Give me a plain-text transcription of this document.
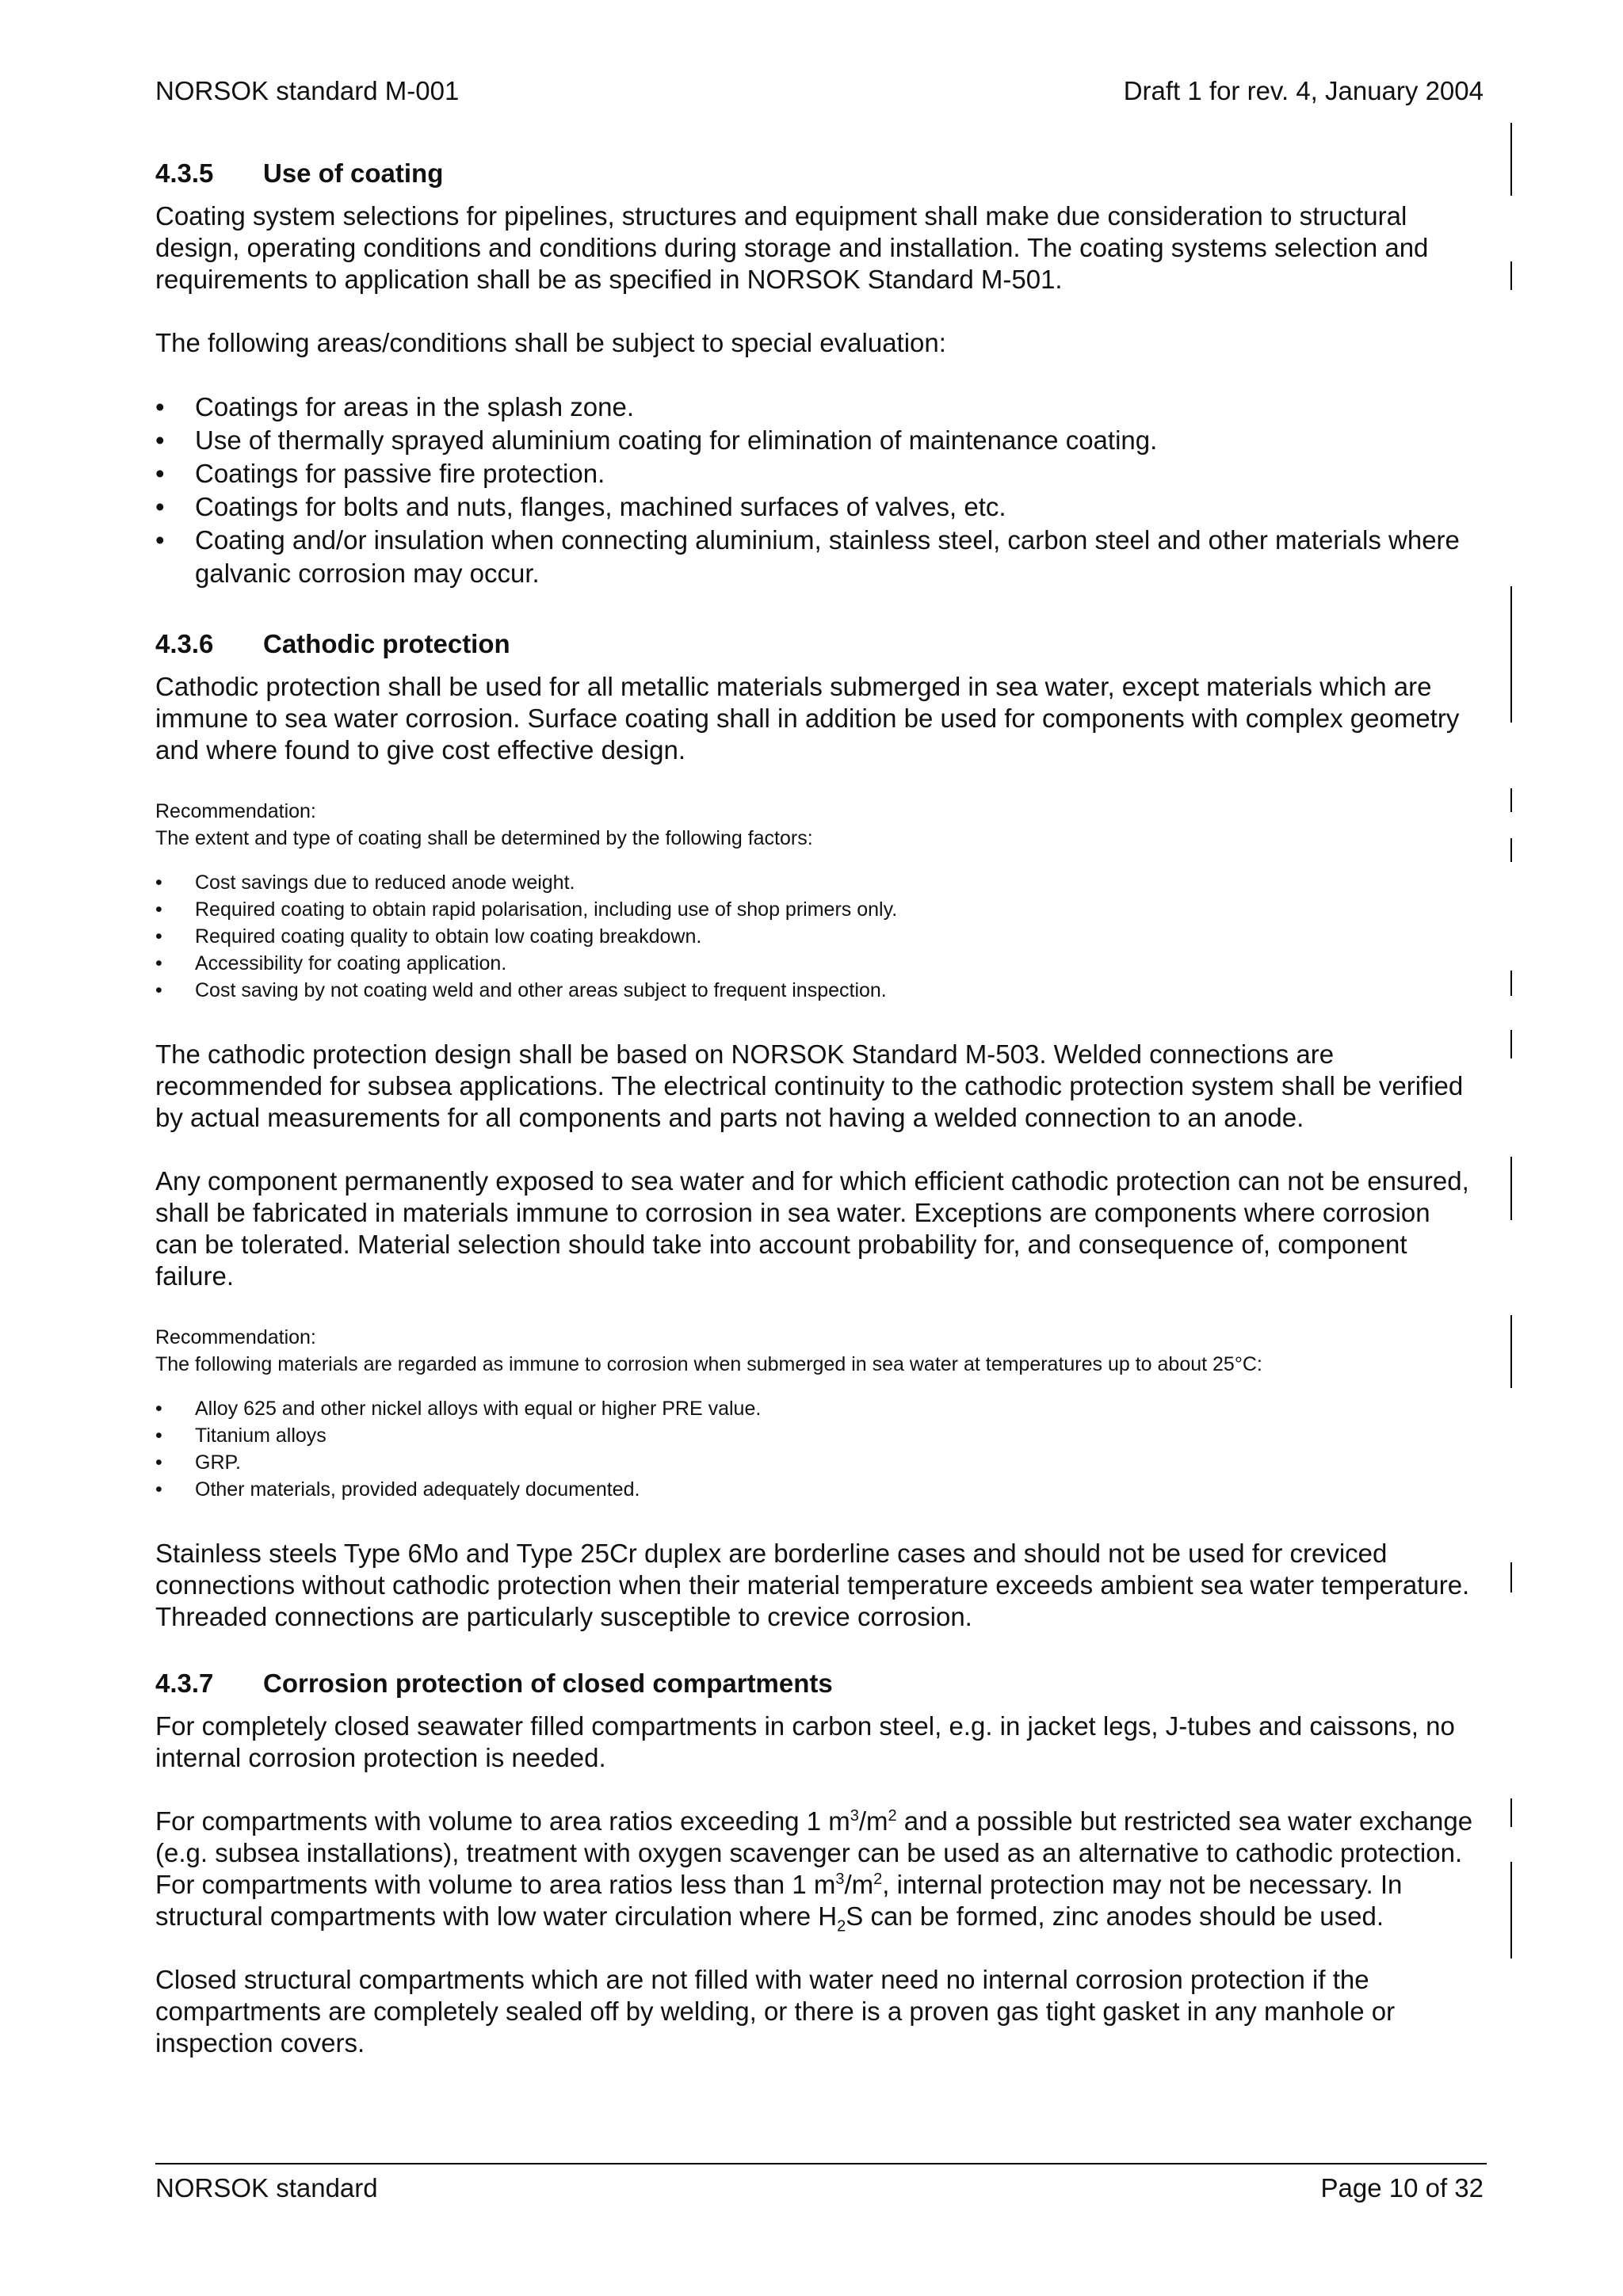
NORSOK standard M-001	Draft 1 for rev. 4, January 2004
4.3.5 Use of coating

Coating system selections for pipelines, structures and equipment shall make due consideration to structural design, operating conditions and conditions during storage and installation. The coating systems selection and requirements to application shall be as specified in NORSOK Standard M-501.

The following areas/conditions shall be subject to special evaluation:

• Coatings for areas in the splash zone.
• Use of thermally sprayed aluminium coating for elimination of maintenance coating.
• Coatings for passive fire protection.
• Coatings for bolts and nuts, flanges, machined surfaces of valves, etc.
• Coating and/or insulation when connecting aluminium, stainless steel, carbon steel and other materials where galvanic corrosion may occur.
4.3.6 Cathodic protection

Cathodic protection shall be used for all metallic materials submerged in sea water, except materials which are immune to sea water corrosion. Surface coating shall in addition be used for components with complex geometry and where found to give cost effective design.

Recommendation:

The extent and type of coating shall be determined by the following factors:

• Cost savings due to reduced anode weight.
• Required coating to obtain rapid polarisation, including use of shop primers only.
• Required coating quality to obtain low coating breakdown.
• Accessibility for coating application.
• Cost saving by not coating weld and other areas subject to frequent inspection.

The cathodic protection design shall be based on NORSOK Standard M-503. Welded connections are recommended for subsea applications. The electrical continuity to the cathodic protection system shall be verified by actual measurements for all components and parts not having a welded connection to an anode.

Any component permanently exposed to sea water and for which efficient cathodic protection can not be ensured, shall be fabricated in materials immune to corrosion in sea water. Exceptions are components where corrosion can be tolerated. Material selection should take into account probability for, and consequence of, component failure.

Recommendation:

The following materials are regarded as immune to corrosion when submerged in sea water at temperatures up to about 25°C:

• Alloy 625 and other nickel alloys with equal or higher PRE value.
• Titanium alloys
• GRP.
• Other materials, provided adequately documented.

Stainless steels Type 6Mo and Type 25Cr duplex are borderline cases and should not be used for creviced connections without cathodic protection when their material temperature exceeds ambient sea water temperature. Threaded connections are particularly susceptible to crevice corrosion.

4.3.7 Corrosion protection of closed compartments

For completely closed seawater filled compartments in carbon steel, e.g. in jacket legs, J-tubes and caissons, no internal corrosion protection is needed.

For compartments with volume to area ratios exceeding 1 $m^3/m^2$ and a possible but restricted sea water exchange (e.g. subsea installations), treatment with oxygen scavenger can be used as an alternative to cathodic protection. For compartments with volume to area ratios less than 1 $m^3/m^2$, internal protection may not be necessary. In structural compartments with low water circulation where $H_2S$ can be formed, zinc anodes should be used.

Closed structural compartments which are not filled with water need no internal corrosion protection if the compartments are completely sealed off by welding, or there is a proven gas tight gasket in any manhole or inspection covers.

NORSOK standard	Page 10 of 32
